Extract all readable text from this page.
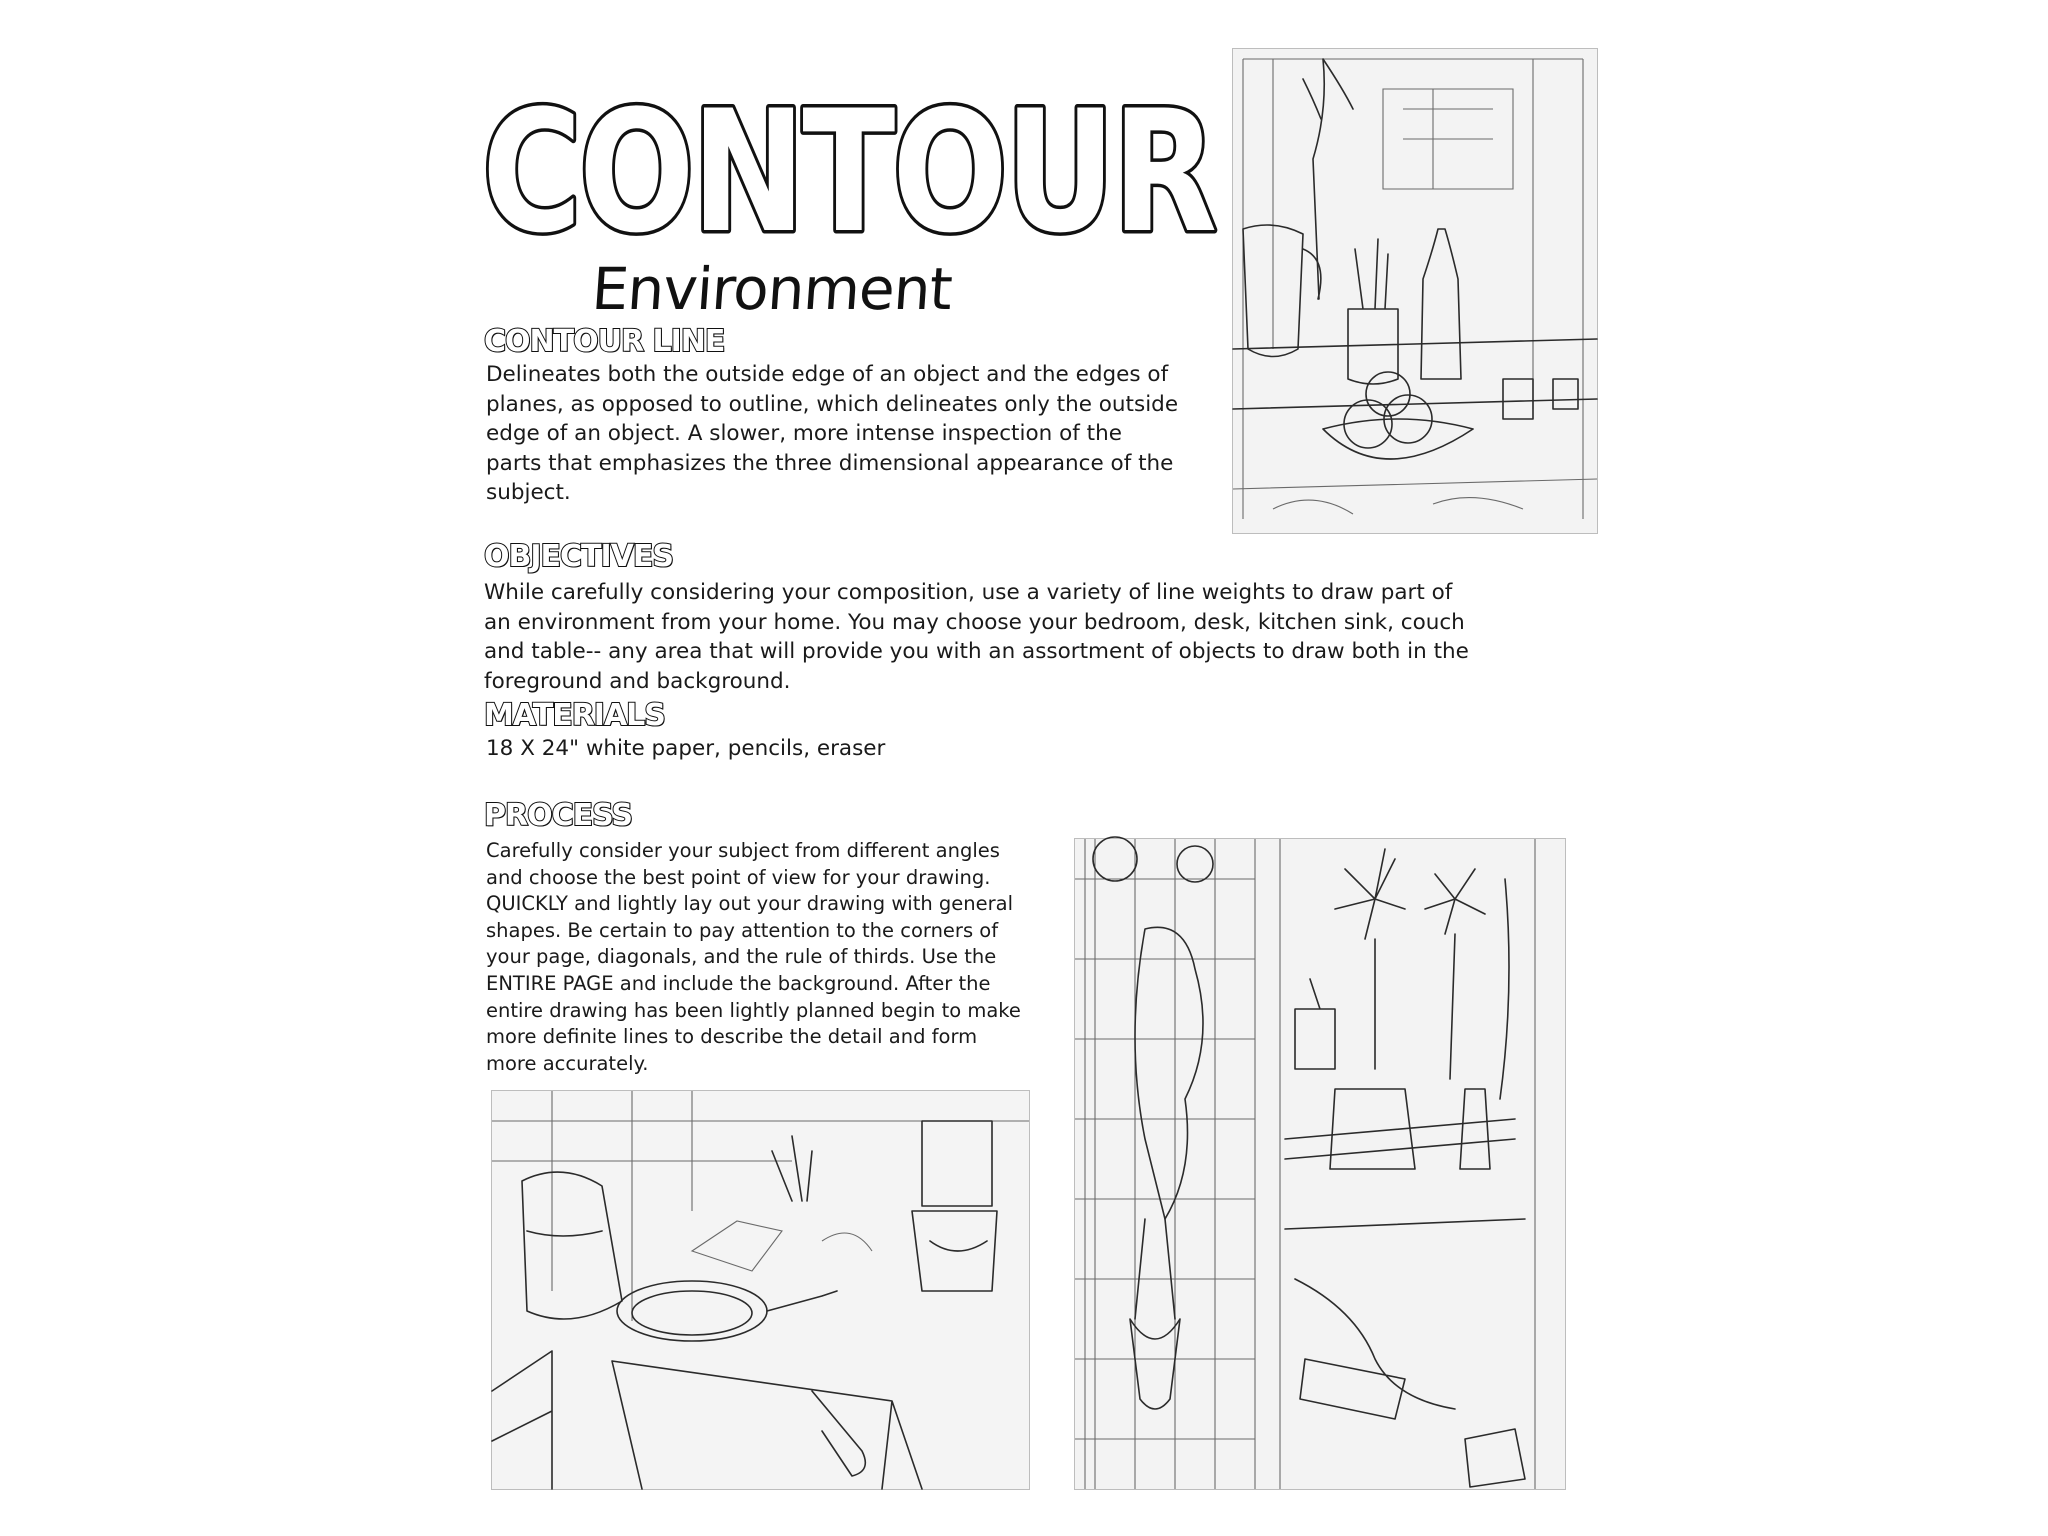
CONTOUR
Environment
CONTOUR LINE

Delineates both the outside edge of an object and the edges of
planes, as opposed to outline, which delineates only the outside
edge of an object. A slower, more intense inspection of the
parts that emphasizes the three dimensional appearance of the
subject.

OBJECTIVES

While carefully considering your composition, use a variety of line weights to draw part of
an environment from your home. You may choose your bedroom, desk, kitchen sink, couch
and table-- any area that will provide you with an assortment of objects to draw both in the
foreground and background.

MATERIALS

18 X 24" white paper, pencils, eraser

PROCESS

Carefully consider your subject from different angles
and choose the best point of view for your drawing.
QUICKLY and lightly lay out your drawing with general
shapes. Be certain to pay attention to the corners of
your page, diagonals, and the rule of thirds. Use the
ENTIRE PAGE and include the background. After the
entire drawing has been lightly planned begin to make
more definite lines to describe the detail and form
more accurately.
